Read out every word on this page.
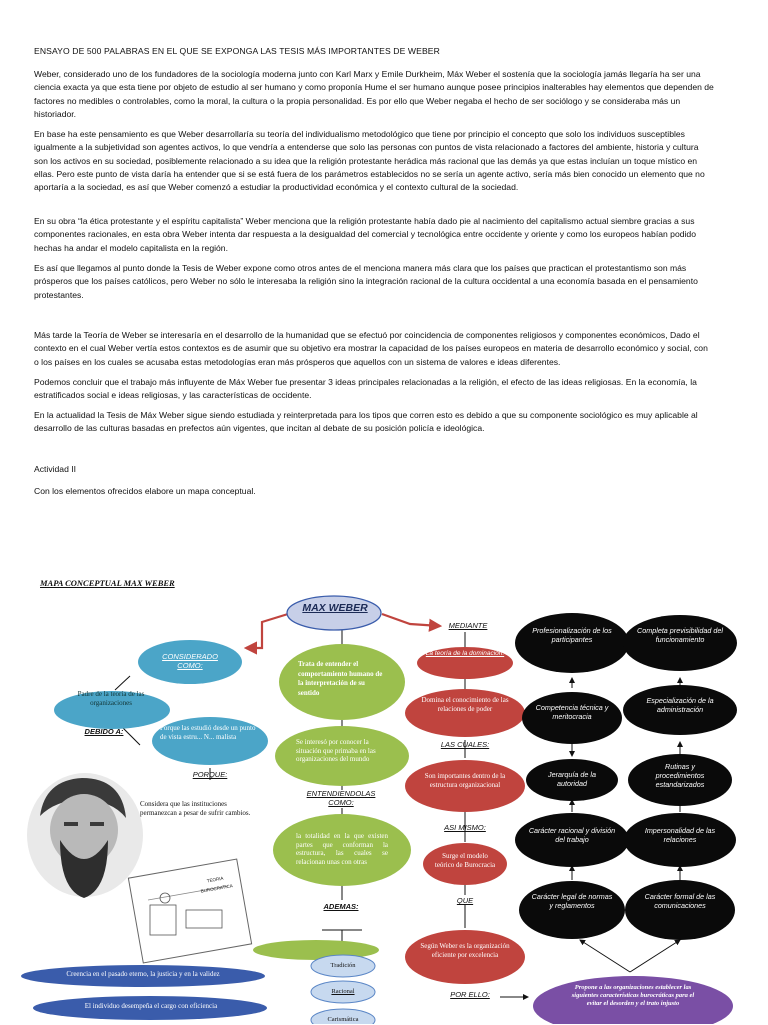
ENSAYO DE 500 PALABRAS EN EL QUE SE EXPONGA LAS TESIS MÁS IMPORTANTES DE WEBER

Weber, considerado uno de los fundadores de la sociología moderna junto con Karl Marx y Emile Durkheim, Máx Weber el sostenía que la sociología jamás llegaría ha ser una ciencia exacta ya que esta tiene por objeto de estudio al ser humano y como proponía Hume el ser humano aunque posee principios inalterables hay elementos que dependen de factores no medibles o controlables, como la moral, la cultura o la propia personalidad. Es por ello que Weber negaba el hecho de ser sociólogo y se consideraba más un historiador.

En base ha este pensamiento es que Weber desarrollaría su teoría del individualismo metodológico que tiene por principio el concepto que solo los individuos susceptibles igualmente a la subjetividad son agentes activos, lo que vendría a entenderse que solo las personas con puntos de vista relacionado a factores del ambiente, historia y cultura son los activos en su sociedad, posiblemente relacionado a su idea que la religión protestante herádica más racional que las demás ya que estas incluían un toque místico en ellas. Pero este punto de vista daría ha entender que si se está fuera de los parámetros establecidos no se sería un agente activo, sería más bien conocido un elemento que no aportaría a la sociedad, es así que Weber comenzó a estudiar la productividad económica y el contexto cultural de la sociedad.

En su obra “la ética protestante y el espíritu capitalista” Weber menciona que la religión protestante había dado pie al nacimiento del capitalismo actual siembre gracias a sus componentes racionales, en esta obra Weber intenta dar respuesta a la desigualdad del comercial y tecnológica entre occidente y oriente y como los europeos habían podido hechas ha andar el modelo capitalista en la región.

Es así que llegamos al punto donde la Tesis de Weber expone como otros antes de el menciona manera más clara que los países que practican el protestantismo son más prósperos que los países católicos, pero Weber no sólo le interesaba la religión sino la integración racional de la cultura occidental a una economía basada en el pensamiento protestantes.

Más tarde la Teoría de Weber se interesaría en el desarrollo de la humanidad que se efectuó por coincidencia de componentes religiosos y componentes económicos, Dado el contexto en el cual Weber vertía estos contextos es de asumir que su objetivo era mostrar la capacidad de los países europeos en materia de desarrollo económico y social, con o los países en los cuales se acusaba estas metodologías eran más prósperos que aquellos con un sistema de valores e ideas diferentes.

Podemos concluir que el trabajo más influyente de Máx Weber fue presentar 3 ideas principales relacionadas a la religión, el efecto de las ideas religiosas. En la economía, la estratificados social e ideas religiosas, y las características de occidente.

En la actualidad la Tesis de Máx Weber sigue siendo estudiada y reinterpretada para los tipos que corren esto es debido a que su componente sociológico es muy aplicable al desarrollo de las culturas basadas en prefectos aún vigentes, que incitan al debate de su posición policía e ideológica.

Actividad II
Con los elementos ofrecidos elabore un mapa conceptual.
MAPA CONCEPTUAL MAX WEBER
MAX WEBER
CONSIDERADO COMO:
MEDIANTE
DEBIDO A:
PORQUE:
ENTENDIENDOLAS COMO:
LAS CUALES:
ASI MISMO:
ADEMAS:
QUE
POR ELLO:
Padre de la teoría de las organizaciones
Porque las estudió desde un punto de vista estru... N... malista
Creencia en el pasado eterno, la justicia y en la validez
El individuo desempeña el cargo con eficiencia
Considera que las instituciones permanezcan a pesar de sufrir cambios.
Trata de entender el comportamiento humano de la interpretación de su sentido
Se interesó por conocer la situación que primaba en las organizaciones del mundo
la totalidad en la que existen partes que conforman la estructura, las cuales se relacionan unas con otras
Tradición
Racional
Carismática
La teoría de la dominación:
Domina el conocimiento de las relaciones de poder
Son importantes dentro de la estructura organizacional
Surge el modelo teórico de Burocracia
Según Weber es la organización eficiente por excelencia
Profesionalización de los participantes
Competencia técnica y meritocracia
Jerarquía de la autoridad
Carácter racional y división del trabajo
Carácter legal de normas y reglamentos
Completa previsibilidad del funcionamiento
Especialización de la administración
Rutinas y procedimientos estandarizados
Impersonalidad de las relaciones
Carácter formal de las comunicaciones
Propone a las organizaciones establecer las siguientes características burocráticas para el evitar el desorden y el trato injusto
TEORIA BUROCRATICA
